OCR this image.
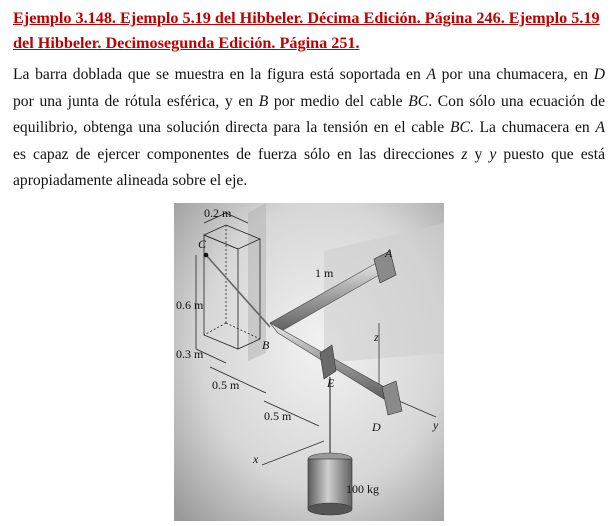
Ejemplo 3.148. Ejemplo 5.19 del Hibbeler. Décima Edición. Página 246. Ejemplo 5.19
del Hibbeler. Decimosegunda Edición. Página 251.
La barra doblada que se muestra en la figura está soportada en A por una chumacera, en D
por una junta de rótula esférica, y en B por medio del cable BC. Con sólo una ecuación de
equilibrio, obtenga una solución directa para la tensión en el cable BC. La chumacera en A
es capaz de ejercer componentes de fuerza sólo en las direcciones z y y puesto que está
apropiadamente alineada sobre el eje.
0.2 m
1 m
0.6 m
0.3 m
0.5 m
0.5 m
C
A
B
E
D
z
y
x
100 kg
